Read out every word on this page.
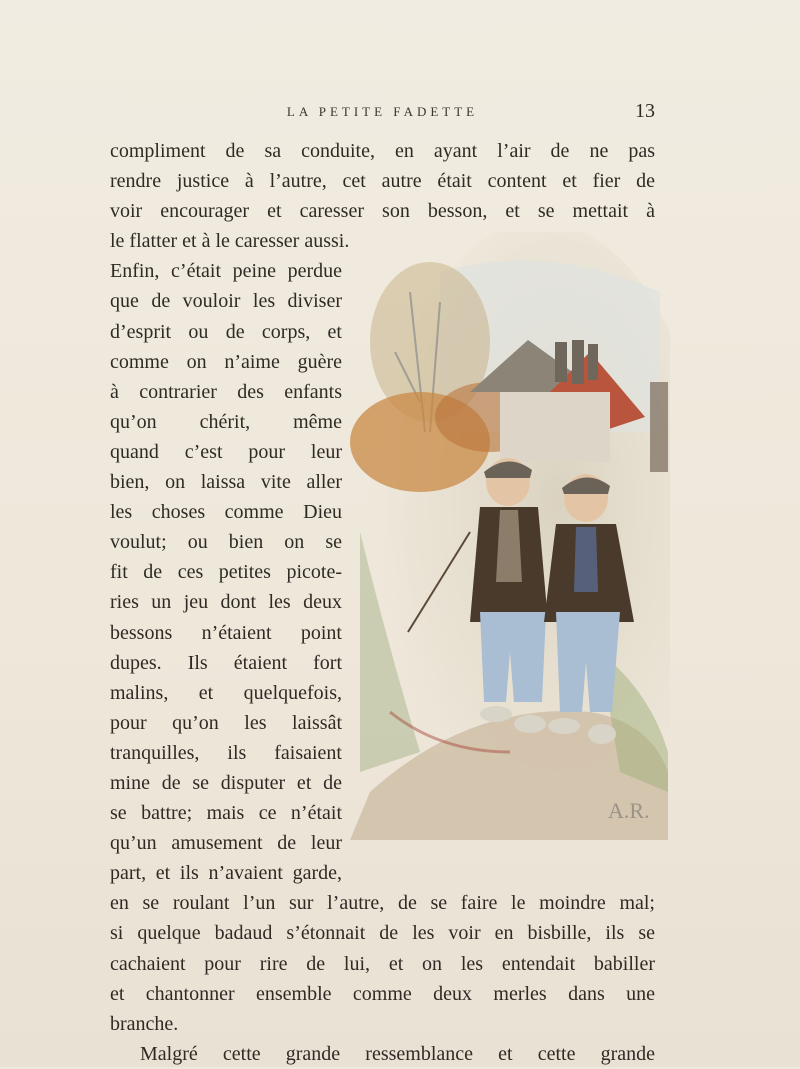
LA PETITE FADETTE	13
A.R.
compliment de sa conduite, en ayant l’air de ne pas
rendre justice à l’autre, cet autre était content et fier de
voir encourager et caresser son besson, et se mettait à
le flatter et à le caresser aussi.
Enfin, c’était peine perdue
que de vouloir les diviser
d’esprit ou de corps, et
comme on n’aime guère
à contrarier des enfants
qu’on chérit, même
quand c’est pour leur
bien, on laissa vite aller
les choses comme Dieu
voulut; ou bien on se
fit de ces petites picote-
ries un jeu dont les deux
bessons n’étaient point
dupes. Ils étaient fort
malins, et quelquefois,
pour qu’on les laissât
tranquilles, ils faisaient
mine de se disputer et de
se battre; mais ce n’était
qu’un amusement de leur
part, et ils n’avaient garde,
en se roulant l’un sur l’autre, de se faire le moindre mal;
si quelque badaud s’étonnait de les voir en bisbille, ils se
cachaient pour rire de lui, et on les entendait babiller
et chantonner ensemble comme deux merles dans une
branche.
Malgré cette grande ressemblance et cette grande
